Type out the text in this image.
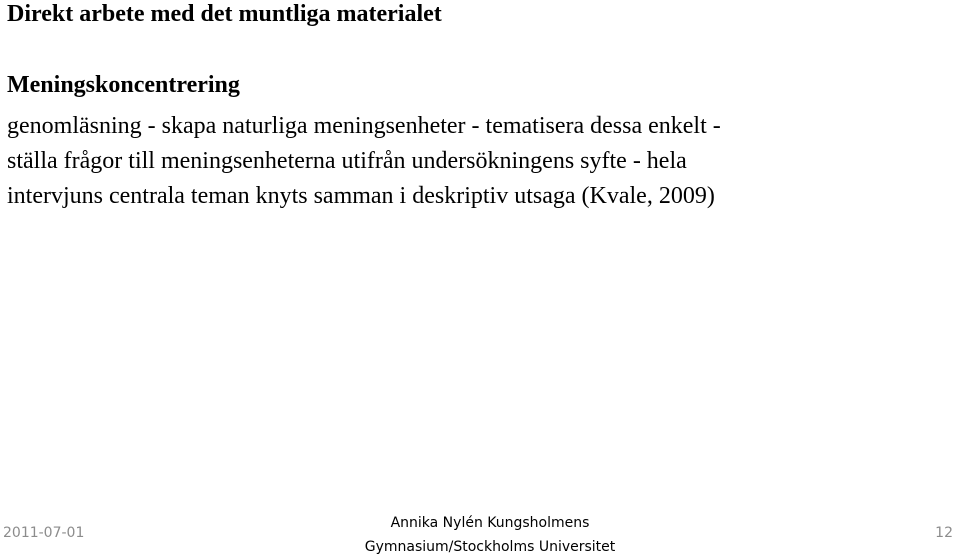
Direkt arbete med det muntliga materialet
Meningskoncentrering
genomläsning - skapa naturliga meningsenheter - tematisera dessa enkelt -
ställa frågor till meningsenheterna utifrån undersökningens syfte - hela
intervjuns centrala teman knyts samman i deskriptiv utsaga (Kvale, 2009)
2011-07-01
Annika Nylén Kungsholmens
Gymnasium/Stockholms Universitet
12
